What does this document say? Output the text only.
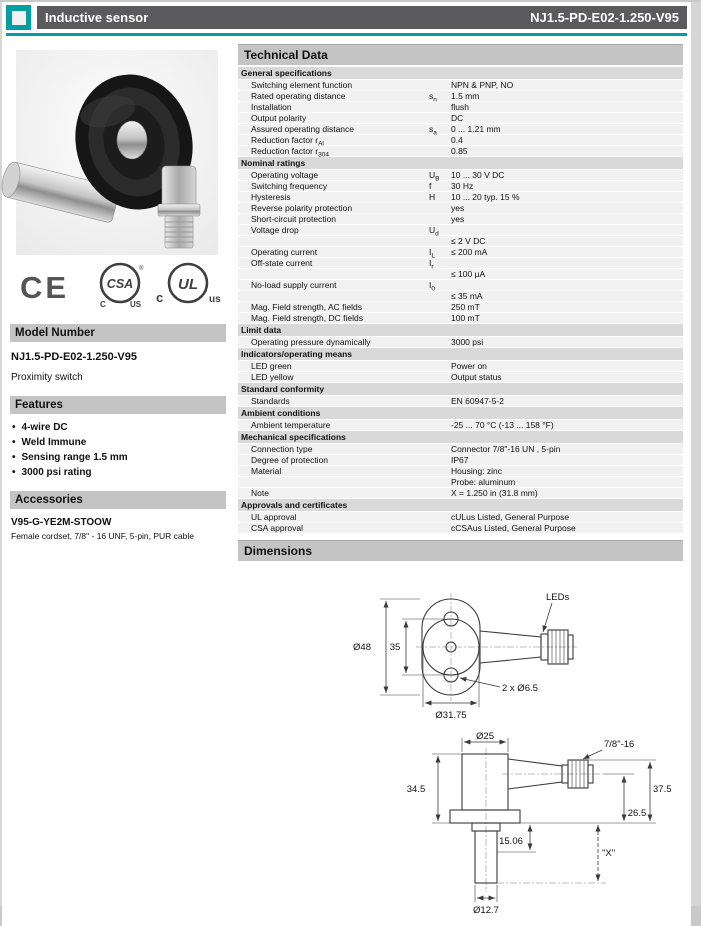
Inductive sensor	NJ1.5-PD-E02-1.250-V95
CE	CSA
®
C	US c
UL
us
Model Number
NJ1.5-PD-E02-1.250-V95
Proximity switch
Features
• 4-wire DC
• Weld Immune
• Sensing range 1.5 mm
• 3000 psi rating
Accessories
V95-G-YE2M-STOOW
Female cordset, 7/8" - 16 UNF, 5-pin, PUR cable
Technical Data
General specifications
Switching element function	NPN & PNP, NO
Rated operating distance	$s_n$	1.5 mm
Installation	flush
Output polarity	DC
Assured operating distance	$s_a$	0 ... 1.21 mm
Reduction factor $r_{Al}$	0.4
Reduction factor $r_{304}$	0.85
Nominal ratings
Operating voltage	$U_B$	10 ... 30 V DC
Switching frequency	f	30 Hz
Hysteresis	H	10 ... 20 typ. 15 %
Reverse polarity protection	yes
Short-circuit protection	yes
Voltage drop	$U_d$
≤ 2 V DC
Operating current	$I_L$	≤ 200 mA
Off-state current	$I_r$
≤ 100 µA
No-load supply current	$I_0$
≤ 35 mA
Mag. Field strength, AC fields	250 mT
Mag. Field strength, DC fields	100 mT
Limit data
Operating pressure dynamically	3000 psi
Indicators/operating means
LED green	Power on
LED yellow	Output status
Standard conformity
Standards	EN 60947-5-2
Ambient conditions
Ambient temperature	-25 ... 70 °C (-13 ... 158 °F)
Mechanical specifications
Connection type	Connector 7/8"-16 UN , 5-pin
Degree of protection	IP67
Material	Housing: zinc
Probe: aluminum
Note	X = 1.250 in (31.8 mm)
Approvals and certificates
UL approval	cULus Listed, General Purpose
CSA approval	cCSAus Listed, General Purpose
Dimensions
LEDs
Ø48 35
Ø31.75
2 x Ø6.5
Ø25
7/8"-16
34.5	37.5
26.5
15.06
"X"
Ø12.7
